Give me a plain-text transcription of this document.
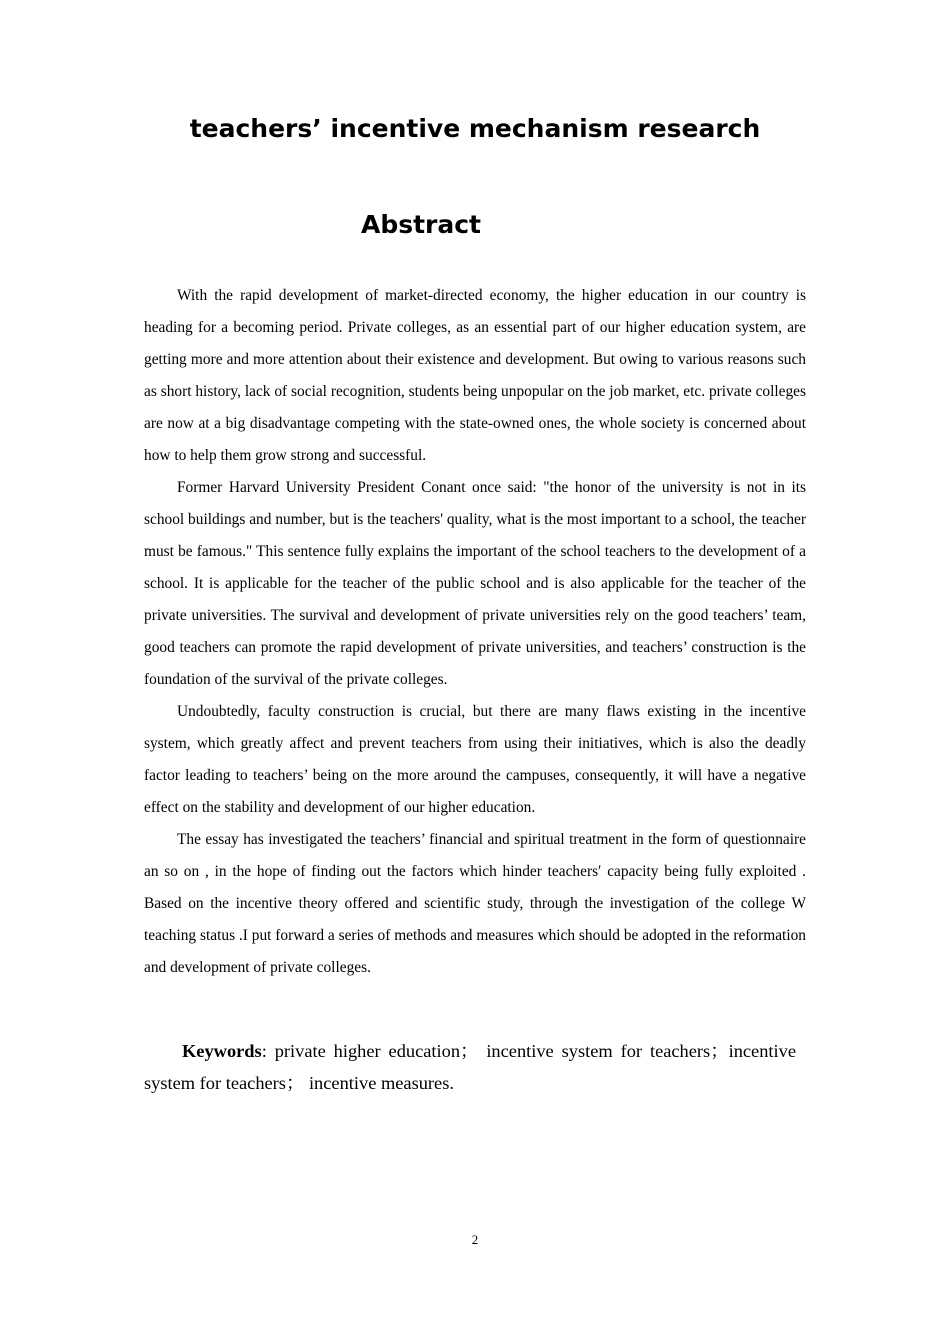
teachers’ incentive mechanism research
Abstract

With the rapid development of market-directed economy, the higher education in our country is heading for a becoming period. Private colleges, as an essential part of our higher education system, are getting more and more attention about their existence and development. But owing to various reasons such as short history, lack of social recognition, students being unpopular on the job market, etc. private colleges are now at a big disadvantage competing with the state-owned ones, the whole society is concerned about how to help them grow strong and successful.

Former Harvard University President Conant once said: "the honor of the university is not in its school buildings and number, but is the teachers' quality, what is the most important to a school, the teacher must be famous." This sentence fully explains the important of the school teachers to the development of a school. It is applicable for the teacher of the public school and is also applicable for the teacher of the private universities. The survival and development of private universities rely on the good teachers’ team, good teachers can promote the rapid development of private universities, and teachers’ construction is the foundation of the survival of the private colleges.

Undoubtedly, faculty construction is crucial, but there are many flaws existing in the incentive system, which greatly affect and prevent teachers from using their initiatives, which is also the deadly factor leading to teachers’ being on the more around the campuses, consequently, it will have a negative effect on the stability and development of our higher education.

The essay has investigated the teachers’ financial and spiritual treatment in the form of questionnaire an so on , in the hope of finding out the factors which hinder teachers′ capacity being fully exploited . Based on the incentive theory offered and scientific study, through the investigation of the college W teaching status .I put forward a series of methods and measures which should be adopted in the reformation and development of private colleges.

Keywords: private higher education； incentive system for teachers；incentive system for teachers； incentive measures.

2
